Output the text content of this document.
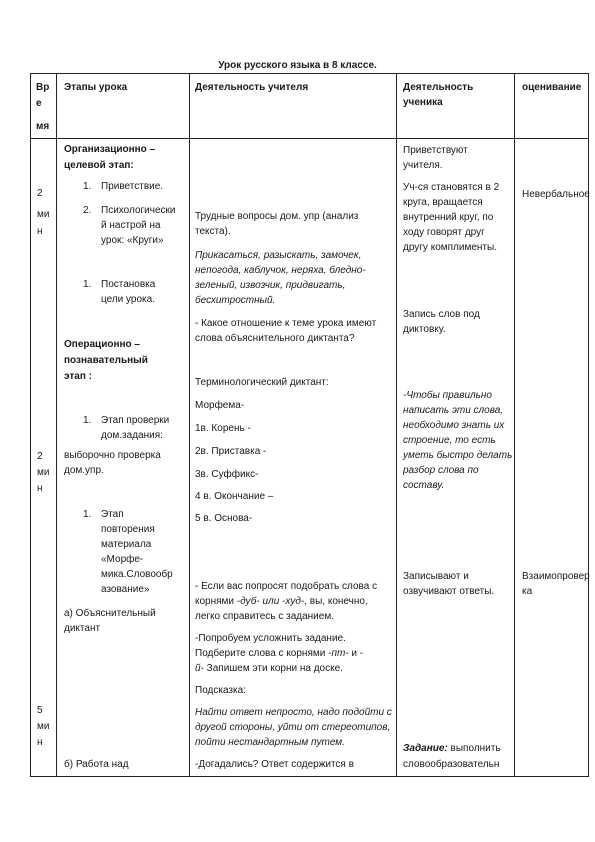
Урок русского языка в 8 классе.
Вр
е
мя
Этапы урока	Деятельность учителя	Деятельность
ученика
оценивание
2
ми
н
2
ми
н
5
ми
н
Организационно –
целевой этап:
1. Приветствие.
2. Психологически
й настрой на
урок: «Круги»
1. Постановка
цели урока.
Операционно –
познавательный
этап :
1. Этап проверки
дом.задания:
выборочно проверка
дом.упр.
1. Этап
повторения
материала
«Морфе-
мика.Словообр
азование»
а) Объяснительный
диктант
б) Работа над
Трудные вопросы дом. упр (анализ
текста).
Прикасаться, разыскать, замочек,
непогода, каблучок, неряха, бледно-
зеленый, извозчик, придвигать,
бесхитростный.
- Какое отношение к теме урока имеют
слова объяснительного диктанта?
Терминологический диктант:
Морфема-
1в. Корень -
2в. Приставка -
3в. Суффикс-
4 в. Окончание –
5 в. Основа-
- Если вас попросят подобрать слова с
корнями -дуб- или -худ-, вы, конечно,
легко справитесь с заданием.
-Попробуем усложнить задание.
Подберите слова с корнями -пт- и -
й- Запишем эти корни на доске.
Подсказка:
Найти ответ непросто, надо подойти с
другой стороны, уйти от стереотипов,
пойти нестандартным путем.
-Догадались? Ответ содержится в
Приветствуют
учителя.
Уч-ся становятся в 2
круга, вращается
внутренний круг, по
ходу говорят друг
другу комплименты.
Запись слов под
диктовку.
-Чтобы правильно
написать эти слова,
необходимо знать их
строение, то есть
уметь быстро делать
разбор слова по
составу.
Записывают и
озвучивают ответы.
Задание: выполнить
словообразовательн
Невербальное
Взаимопровер
ка
